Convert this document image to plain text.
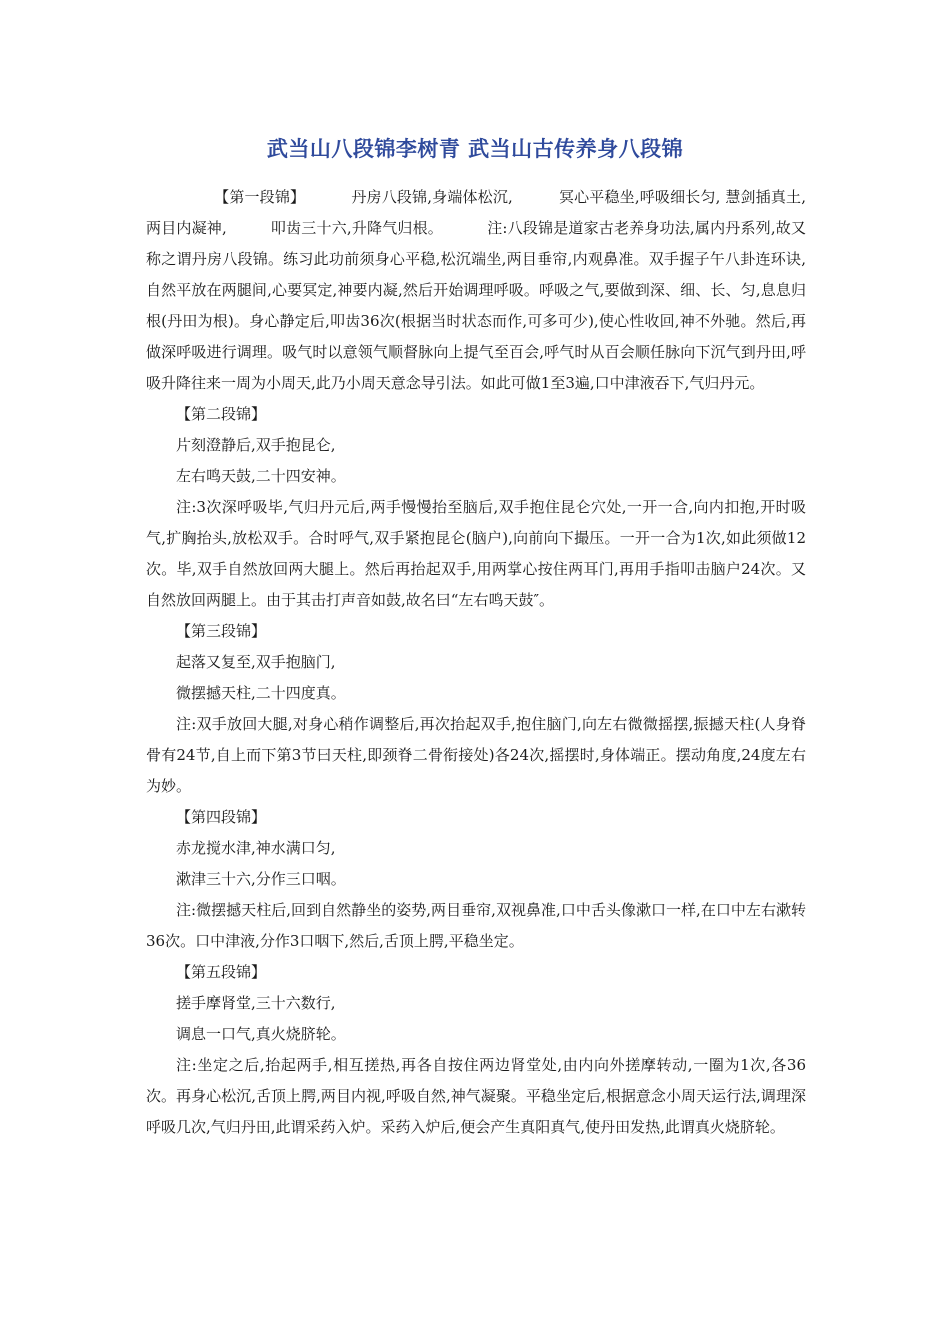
武当山八段锦李树青 武当山古传养身八段锦

【第一段锦】	丹房八段锦,身端体松沉,	冥心平稳坐,呼吸细长匀, 慧剑插真土,两目内凝神,	叩齿三十六,升降气归根。	注:八段锦是道家古老养身功法,属内丹系列,故又称之谓丹房八段锦。练习此功前须身心平稳,松沉端坐,两目垂帘,内观鼻准。双手握子午八卦连环诀,自然平放在两腿间,心要冥定,神要内凝,然后开始调理呼吸。呼吸之气,要做到深、细、长、匀,息息归根(丹田为根)。身心静定后,叩齿36次(根据当时状态而作,可多可少),使心性收回,神不外驰。然后,再做深呼吸进行调理。吸气时以意领气顺督脉向上提气至百会,呼气时从百会顺任脉向下沉气到丹田,呼吸升降往来一周为小周天,此乃小周天意念导引法。如此可做1至3遍,口中津液吞下,气归丹元。

【第二段锦】

片刻澄静后,双手抱昆仑,

左右鸣天鼓,二十四安神。

注:3次深呼吸毕,气归丹元后,两手慢慢抬至脑后,双手抱住昆仑穴处,一开一合,向内扣抱,开时吸气,扩胸抬头,放松双手。合时呼气,双手紧抱昆仑(脑户),向前向下撮压。一开一合为1次,如此须做12次。毕,双手自然放回两大腿上。然后再抬起双手,用两掌心按住两耳门,再用手指叩击脑户24次。又自然放回两腿上。由于其击打声音如鼓,故名曰“左右鸣天鼓″。

【第三段锦】

起落又复至,双手抱脑门,

微摆撼天柱,二十四度真。

注:双手放回大腿,对身心稍作调整后,再次抬起双手,抱住脑门,向左右微微摇摆,振撼天柱(人身脊骨有24节,自上而下第3节曰天柱,即颈脊二骨衔接处)各24次,摇摆时,身体端正。摆动角度,24度左右为妙。

【第四段锦】

赤龙搅水津,神水满口匀,

漱津三十六,分作三口咽。

注:微摆撼天柱后,回到自然静坐的姿势,两目垂帘,双视鼻准,口中舌头像漱口一样,在口中左右漱转36次。口中津液,分作3口咽下,然后,舌顶上腭,平稳坐定。

【第五段锦】

搓手摩肾堂,三十六数行,

调息一口气,真火烧脐轮。

注:坐定之后,抬起两手,相互搓热,再各自按住两边肾堂处,由内向外搓摩转动,一圈为1次,各36次。再身心松沉,舌顶上腭,两目内视,呼吸自然,神气凝聚。平稳坐定后,根据意念小周天运行法,调理深呼吸几次,气归丹田,此谓采药入炉。采药入炉后,便会产生真阳真气,使丹田发热,此谓真火烧脐轮。
